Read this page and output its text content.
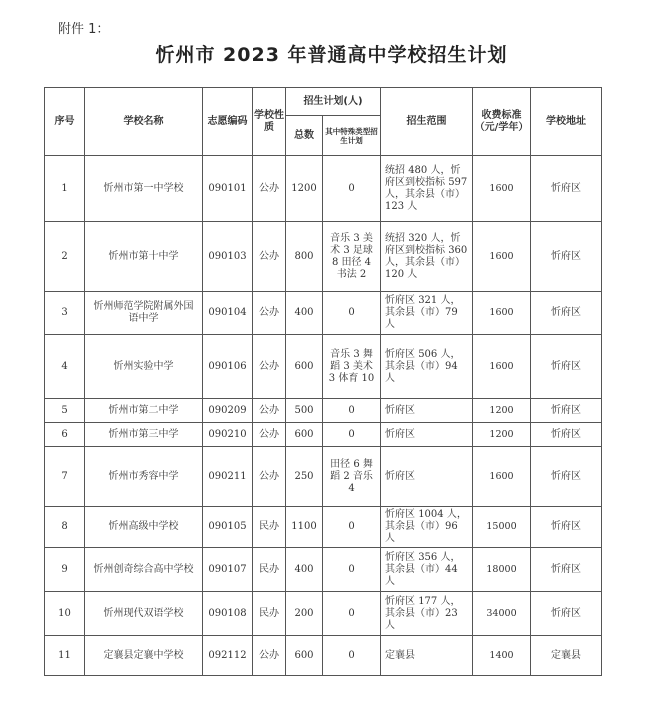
附件 1：
忻州市 2023 年普通高中学校招生计划
序号	学校名称	志愿编码	学校性质	招生计划(人)		招生范围	收费标准（元/学年）	学校地址
				总数	其中特殊类型招生计划			
1	忻州市第一中学校	090101	公办	1200	0	统招 480 人，忻府区到校指标 597 人，其余县（市）123 人	1600	忻府区
2	忻州市第十中学	090103	公办	800	音乐 3 美术 3 足球 8 田径 4 书法 2	统招 320 人，忻府区到校指标 360 人，其余县（市）120 人	1600	忻府区
3	忻州师范学院附属外国语中学	090104	公办	400	0	忻府区 321 人，其余县（市）79 人	1600	忻府区
4	忻州实验中学	090106	公办	600	音乐 3 舞蹈 3 美术 3 体育 10	忻府区 506 人，其余县（市）94 人	1600	忻府区
5	忻州市第二中学	090209	公办	500	0	忻府区	1200	忻府区
6	忻州市第三中学	090210	公办	600	0	忻府区	1200	忻府区
7	忻州市秀容中学	090211	公办	250	田径 6 舞蹈 2 音乐 4	忻府区	1600	忻府区
8	忻州高级中学校	090105	民办	1100	0	忻府区 1004 人，其余县（市）96 人	15000	忻府区
9	忻州创奇综合高中学校	090107	民办	400	0	忻府区 356 人，其余县（市）44 人	18000	忻府区
10	忻州现代双语学校	090108	民办	200	0	忻府区 177 人，其余县（市）23 人	34000	忻府区
11	定襄县定襄中学校	092112	公办	600	0	定襄县	1400	定襄县
